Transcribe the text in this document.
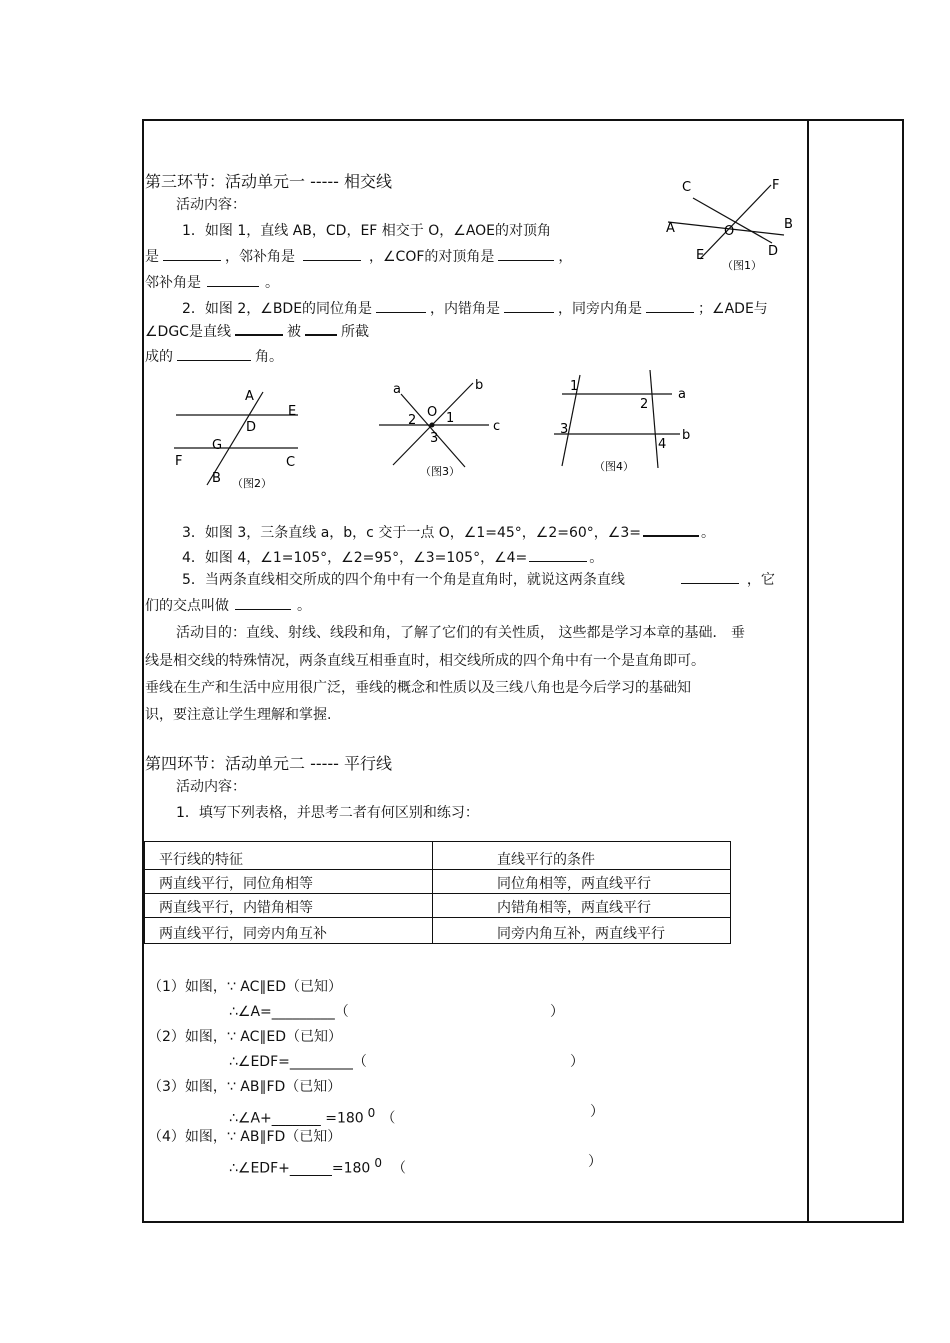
第三环节：活动单元一 ----- 相交线
活动内容：
1．如图 1，直线 AB，CD，EF 相交于 O，∠AOE的对顶角
是	，邻补角是	，∠COF的对顶角是	，
邻补角是	。
2．如图 2，∠BDE的同位角是	，内错角是	，同旁内角是	；∠ADE与
∠DGC是直线	被	所截
成的	角。
C	F
A	O	B
E	D
（图1）
A
E
D
G
F	C
B （图2）
a	b
O 1
2
3
c
（图3）
1
2
a
3
4
b
（图4）
3．如图 3，三条直线 a，b，c 交于一点 O，∠1=45°，∠2=60°，∠3=	。
4．如图 4，∠1=105°，∠2=95°，∠3=105°，∠4=	。
5．当两条直线相交所成的四个角中有一个角是直角时，就说这两条直线	，它
们的交点叫做	。
活动目的：直线、射线、线段和角，了解了它们的有关性质， 这些都是学习本章的基础． 垂
线是相交线的特殊情况，两条直线互相垂直时，相交线所成的四个角中有一个是直角即可。
垂线在生产和生活中应用很广泛，垂线的概念和性质以及三线八角也是今后学习的基础知
识，要注意让学生理解和掌握.
第四环节：活动单元二 ----- 平行线
活动内容：
1．填写下列表格，并思考二者有何区别和练习：
平行线的特征	直线平行的条件
两直线平行，同位角相等	同位角相等，两直线平行
两直线平行，内错角相等	内错角相等，两直线平行
两直线平行，同旁内角互补	同旁内角互补，两直线平行
（1）如图，∵ AC∥ED（已知）
∴∠A=_________（	）
（2）如图，∵ AC∥ED（已知）
∴∠EDF=_________（	）
（3）如图，∵ AB∥FD（已知）
∴∠A+_______ =180 $^0$ （	）
（4）如图，∵ AB∥FD（已知）
∴∠EDF+______=180 $^0$ （	）
